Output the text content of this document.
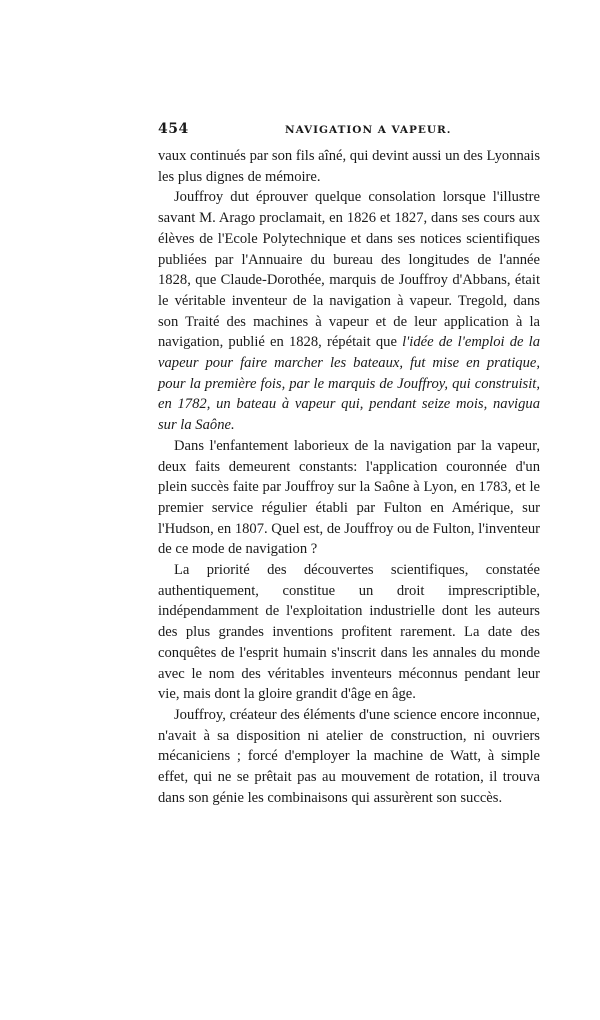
454	NAVIGATION A VAPEUR.

vaux continués par son fils aîné, qui devint aussi un des Lyonnais les plus dignes de mémoire.

Jouffroy dut éprouver quelque consolation lorsque l'illustre savant M. Arago proclamait, en 1826 et 1827, dans ses cours aux élèves de l'Ecole Polytechnique et dans ses notices scientifiques publiées par l'Annuaire du bureau des longitudes de l'année 1828, que Claude-Dorothée, marquis de Jouffroy d'Abbans, était le véritable inventeur de la navigation à vapeur. Tregold, dans son Traité des machines à vapeur et de leur application à la navigation, publié en 1828, répétait que l'idée de l'emploi de la vapeur pour faire marcher les bateaux, fut mise en pratique, pour la première fois, par le marquis de Jouffroy, qui construisit, en 1782, un bateau à vapeur qui, pendant seize mois, navigua sur la Saône.

Dans l'enfantement laborieux de la navigation par la vapeur, deux faits demeurent constants: l'application couronnée d'un plein succès faite par Jouffroy sur la Saône à Lyon, en 1783, et le premier service régulier établi par Fulton en Amérique, sur l'Hudson, en 1807. Quel est, de Jouffroy ou de Fulton, l'inventeur de ce mode de navigation ?

La priorité des découvertes scientifiques, constatée authentiquement, constitue un droit imprescriptible, indépendamment de l'exploitation industrielle dont les auteurs des plus grandes inventions profitent rarement. La date des conquêtes de l'esprit humain s'inscrit dans les annales du monde avec le nom des véritables inventeurs méconnus pendant leur vie, mais dont la gloire grandit d'âge en âge.

Jouffroy, créateur des éléments d'une science encore inconnue, n'avait à sa disposition ni atelier de construction, ni ouvriers mécaniciens ; forcé d'employer la machine de Watt, à simple effet, qui ne se prêtait pas au mouvement de rotation, il trouva dans son génie les combinaisons qui assurèrent son succès.
